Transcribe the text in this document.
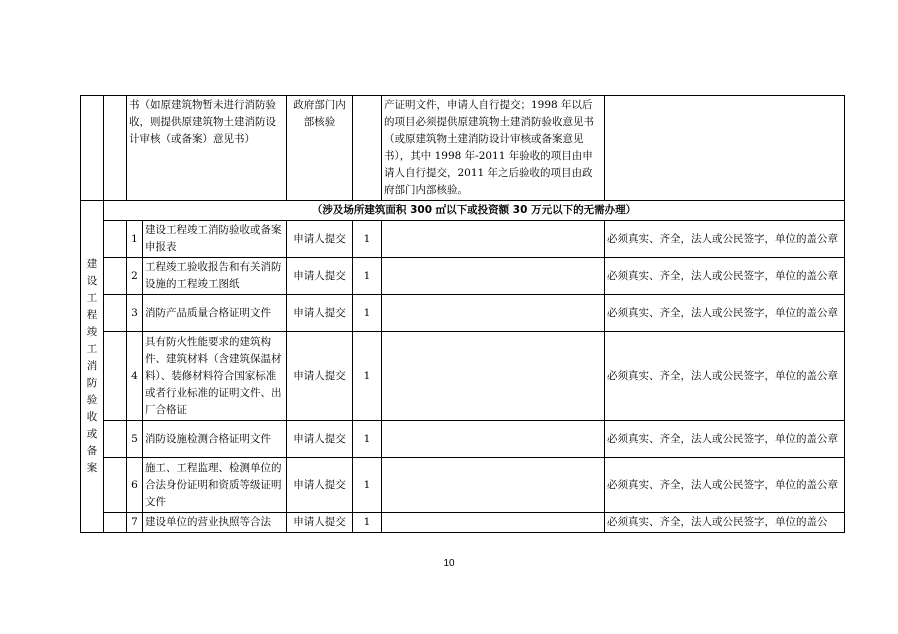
		书（如原建筑物暂未进行消防验收，则提供原建筑物土建消防设计审核（或备案）意见书）		政府部门内部核验		产证明文件，申请人自行提交；1998 年以后的项目必须提供原建筑物土建消防验收意见书（或原建筑物土建消防设计审核或备案意见书），其中 1998 年-2011 年验收的项目由申请人自行提交，2011 年之后验收的项目由政府部门内部核验。	
建设工程竣工消防验收或备案	（涉及场所建筑面积 300 ㎡以下或投资额 30 万元以下的无需办理）						
		1	建设工程竣工消防验收或备案申报表	申请人提交	1		必须真实、齐全，法人或公民签字，单位的盖公章
		2	工程竣工验收报告和有关消防设施的工程竣工图纸	申请人提交	1		必须真实、齐全，法人或公民签字，单位的盖公章
		3	消防产品质量合格证明文件	申请人提交	1		必须真实、齐全，法人或公民签字，单位的盖公章
		4	具有防火性能要求的建筑构件、建筑材料（含建筑保温材料）、装修材料符合国家标准或者行业标准的证明文件、出厂合格证	申请人提交	1		必须真实、齐全，法人或公民签字，单位的盖公章
		5	消防设施检测合格证明文件	申请人提交	1		必须真实、齐全，法人或公民签字，单位的盖公章
		6	施工、工程监理、检测单位的合法身份证明和资质等级证明文件	申请人提交	1		必须真实、齐全，法人或公民签字，单位的盖公章
		7	建设单位的营业执照等合法	申请人提交	1		必须真实、齐全，法人或公民签字，单位的盖公
10
